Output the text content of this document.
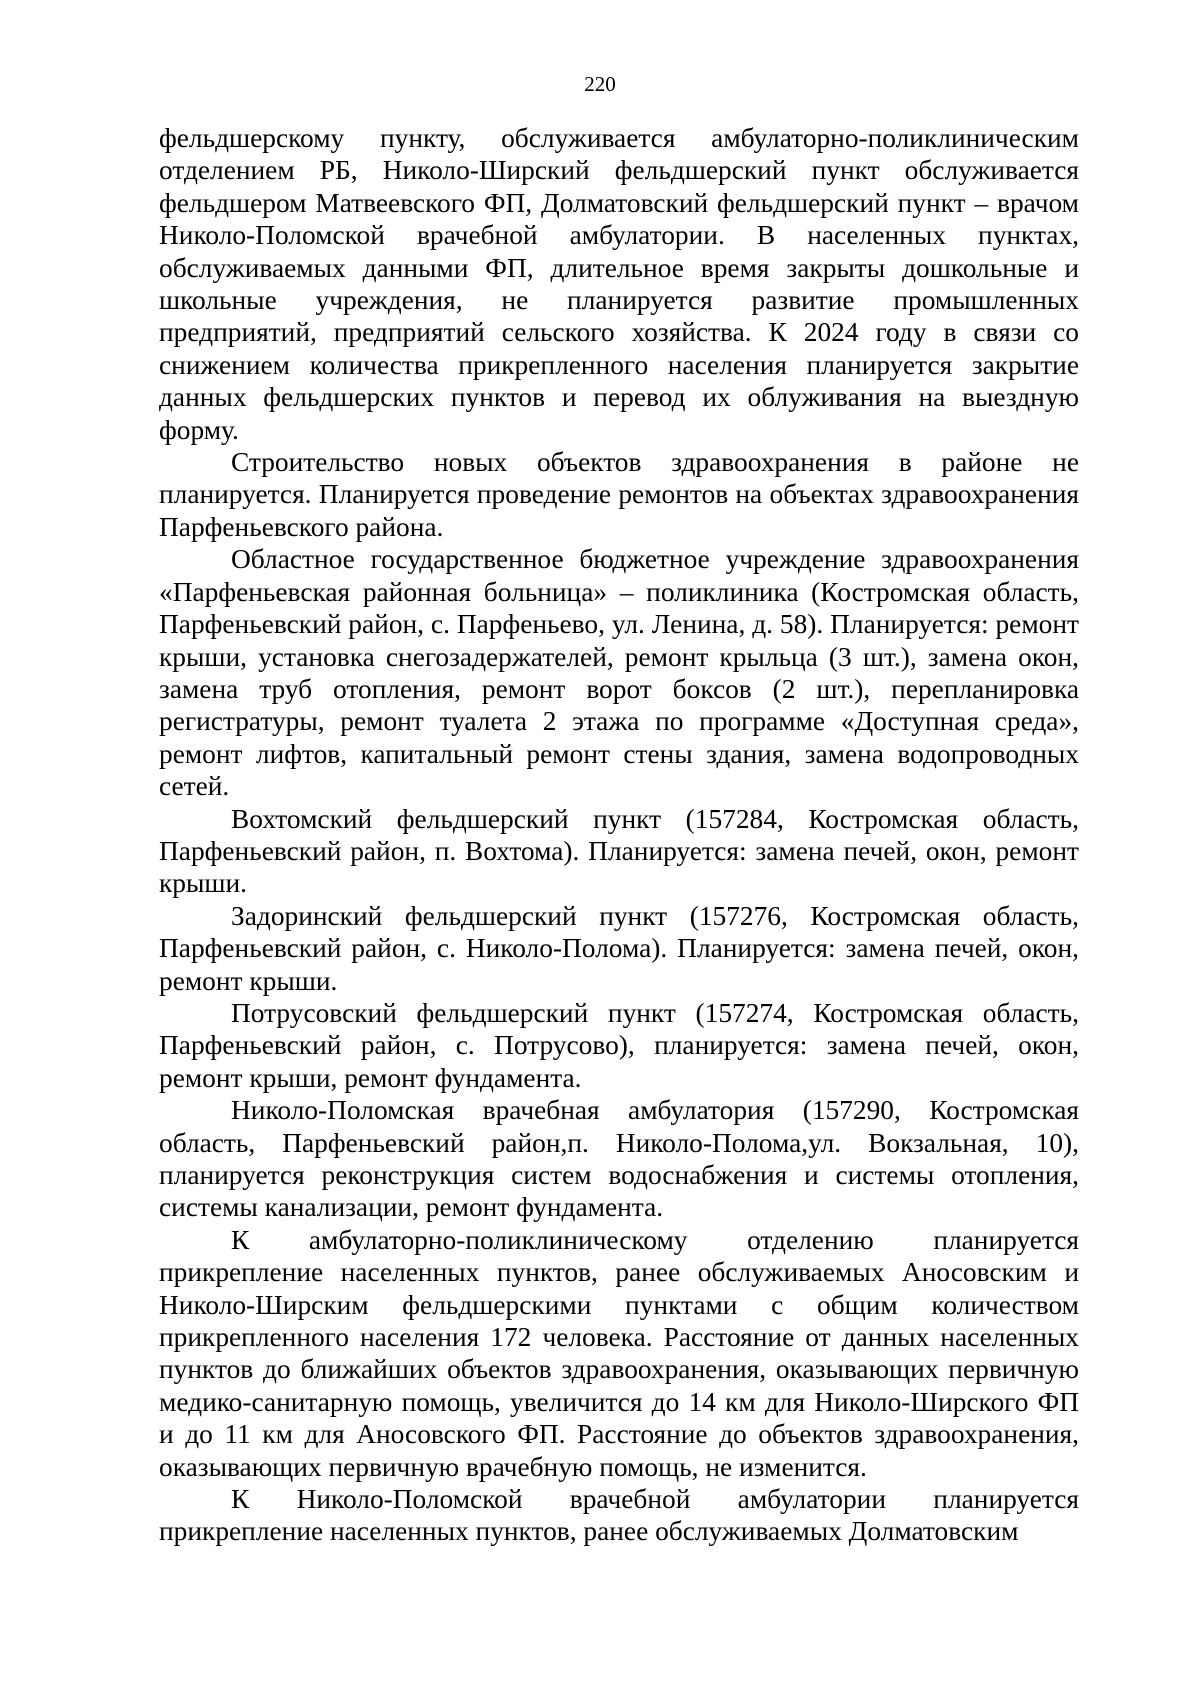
220

фельдшерскому пункту, обслуживается амбулаторно-поликлиническим отделением РБ, Николо-Ширский фельдшерский пункт обслуживается фельдшером Матвеевского ФП, Долматовский фельдшерский пункт – врачом Николо-Поломской врачебной амбулатории. В населенных пунктах, обслуживаемых данными ФП, длительное время закрыты дошкольные и школьные учреждения, не планируется развитие промышленных предприятий, предприятий сельского хозяйства. К 2024 году в связи со снижением количества прикрепленного населения планируется закрытие данных фельдшерских пунктов и перевод их облуживания на выездную форму.

Строительство новых объектов здравоохранения в районе не планируется. Планируется проведение ремонтов на объектах здравоохранения Парфеньевского района.

Областное государственное бюджетное учреждение здравоохранения «Парфеньевская районная больница» – поликлиника (Костромская область, Парфеньевский район, с. Парфеньево, ул. Ленина, д. 58). Планируется: ремонт крыши, установка снегозадержателей, ремонт крыльца (3 шт.), замена окон, замена труб отопления, ремонт ворот боксов (2 шт.), перепланировка регистратуры, ремонт туалета 2 этажа по программе «Доступная среда», ремонт лифтов, капитальный ремонт стены здания, замена водопроводных сетей.

Вохтомский фельдшерский пункт (157284, Костромская область, Парфеньевский район, п. Вохтома). Планируется: замена печей, окон, ремонт крыши.

Задоринский фельдшерский пункт (157276, Костромская область, Парфеньевский район, с. Николо-Полома). Планируется: замена печей, окон, ремонт крыши.

Потрусовский фельдшерский пункт (157274, Костромская область, Парфеньевский район, с. Потрусово), планируется: замена печей, окон, ремонт крыши, ремонт фундамента.

Николо-Поломская врачебная амбулатория (157290, Костромская область, Парфеньевский район,п. Николо-Полома,ул. Вокзальная, 10), планируется реконструкция систем водоснабжения и системы отопления, системы канализации, ремонт фундамента.

К амбулаторно-поликлиническому отделению планируется прикрепление населенных пунктов, ранее обслуживаемых Аносовским и Николо-Ширским фельдшерскими пунктами с общим количеством прикрепленного населения 172 человека. Расстояние от данных населенных пунктов до ближайших объектов здравоохранения, оказывающих первичную медико-санитарную помощь, увеличится до 14 км для Николо-Ширского ФП и до 11 км для Аносовского ФП. Расстояние до объектов здравоохранения, оказывающих первичную врачебную помощь, не изменится.

К Николо-Поломской врачебной амбулатории планируется прикрепление населенных пунктов, ранее обслуживаемых Долматовским
